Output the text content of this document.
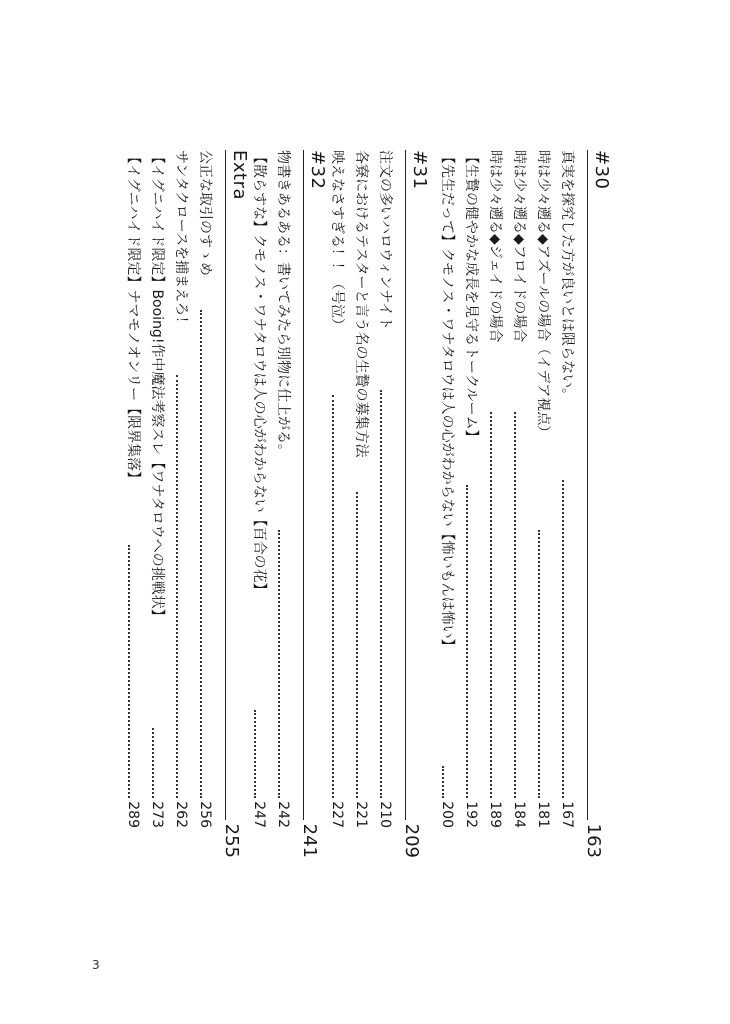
#30
163
真実を探究した方が良いとは限らない。
167
時は少々遡る◆アズールの場合（イデア視点）
181
時は少々遡る◆フロイドの場合
184
時は少々遡る◆ジェイドの場合
189
【生贄の健やかな成長を見守るトークルーム】
192
【先生だって】クモノス・ワナタロウは人の心がわからない【怖いもんは怖い】
200
#31
209
注文の多いハロウィンナイト
210
各寮におけるテスターと言う名の生贄の募集方法
221
映えなさすぎる！！（号泣）
227
#32
241
物書きあるある：書いてみたら別物に仕上がる。
242
【散らすな】クモノス・ワナタロウは人の心がわからない【百合の花】
247
Extra
255
公正な取引のすゝめ
256
サンタクロースを捕まえろ！
262
【イグニハイド限定】Booing!作中魔法考察スレ【ワナタロウへの挑戦状】
273
【イグニハイド限定】ナマモノオンリー【限界集落】
289
3
